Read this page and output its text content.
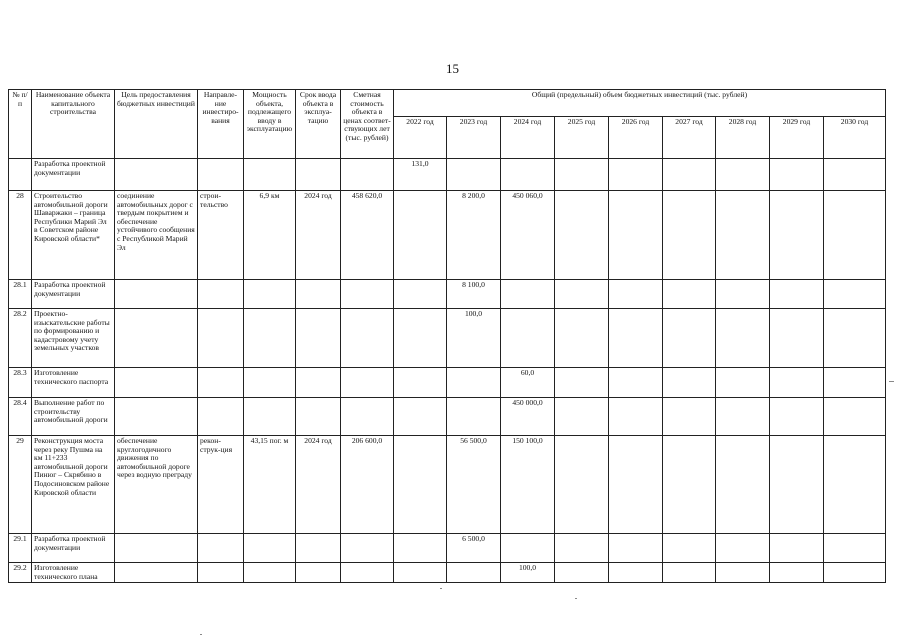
15
№ п/п	Наименование объекта капитального строительства	Цель предоставления бюджетных инвестиций	Направле-ние инвестиро-вания	Мощность объекта, подлежащего вводу в эксплуатацию	Срок ввода объекта в эксплуа-тацию	Сметная стоимость объекта в ценах соответ-ствующих лет (тыс. рублей)	Общий (предельный) объем бюджетных инвестиций (тыс. рублей)								
							2022 год	2023 год	2024 год	2025 год	2026 год	2027 год	2028 год	2029 год	2030 год
	Разработка проектной документации						131,0								
28	Строительство автомобильной дороги Шаваржаки – граница Республики Марий Эл в Советском районе Кировской области*	соединение автомобильных дорог с твердым покрытием и обеспечение устойчивого сообщения с Республикой Марий Эл	строи-тельство	6,9 км	2024 год	458 620,0		8 200,0	450 060,0						
28.1	Разработка проектной документации							8 100,0							
28.2	Проектно-изыскательские работы по формированию и кадастровому учету земельных участков							100,0							
28.3	Изготовление технического паспорта								60,0						
28.4	Выполнение работ по строительству автомобильной дороги								450 000,0						
29	Реконструкция моста через реку Пушма на км 11+233 автомобильной дороги Пинюг – Скрябино в Подосиновском районе Кировской области	обеспечение круглогодичного движения по автомобильной дороге через водную преграду	рекон-струк-ция	43,15 пог. м	2024 год	206 600,0		56 500,0	150 100,0						
29.1	Разработка проектной документации							6 500,0							
29.2	Изготовление технического плана								100,0						
